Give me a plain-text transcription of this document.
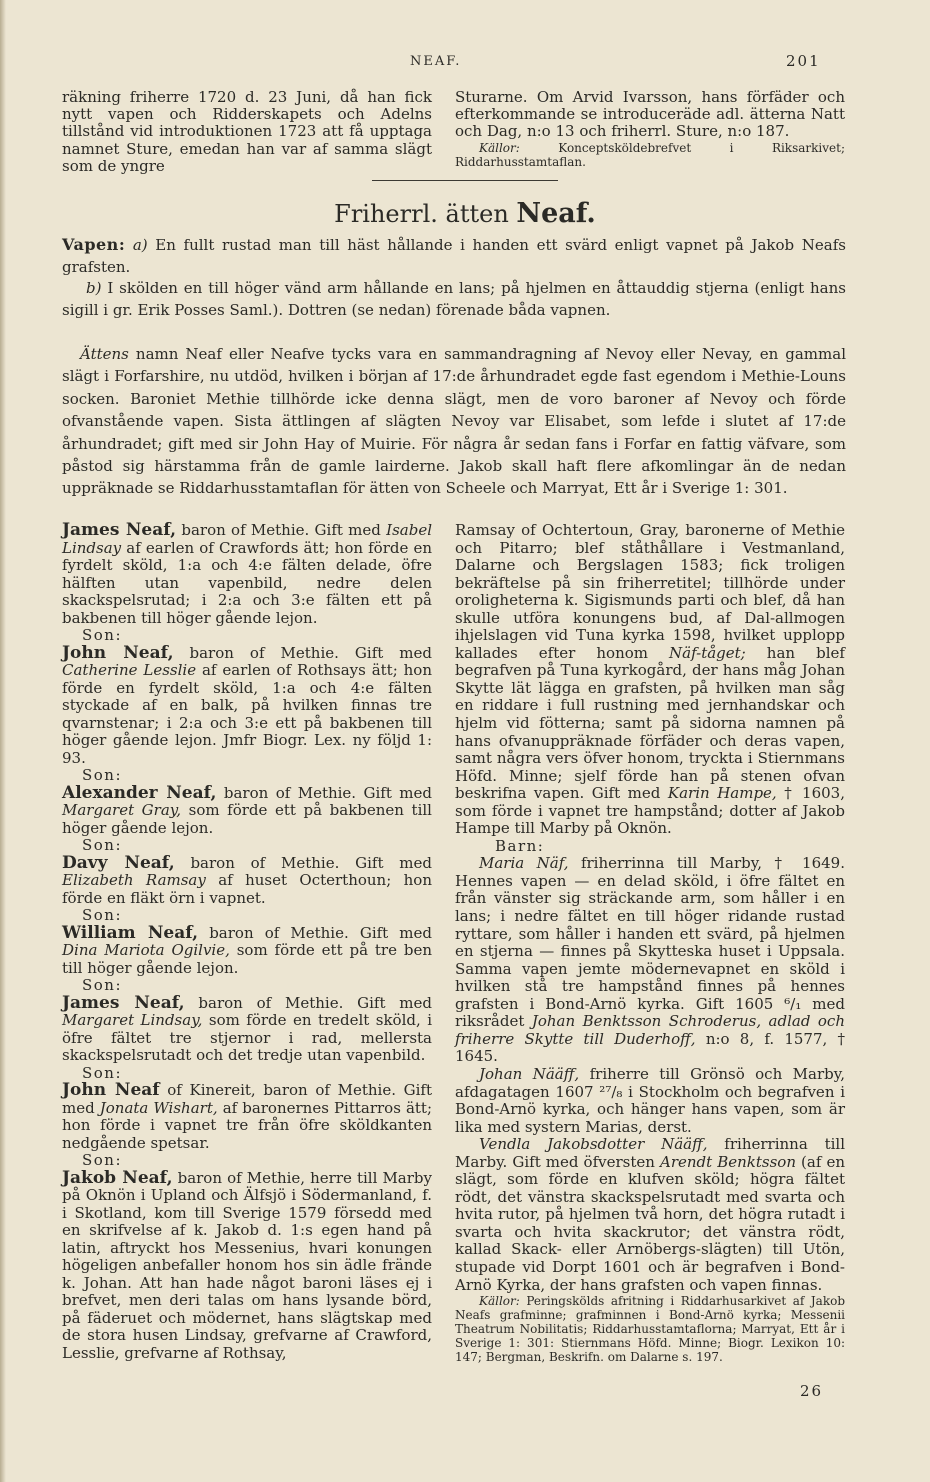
NEAF.	201

räkning friherre 1720 d. 23 Juni, då han fick nytt vapen och Ridderskapets och Adelns tillstånd vid introduktionen 1723 att få upptaga namnet Sture, emedan han var af samma slägt som de yngre

Sturarne. Om Arvid Ivarsson, hans förfäder och efterkommande se introduceräde adl. ätterna Natt och Dag, n:o 13 och friherrl. Sture, n:o 187.

Källor:	Konceptsköldebrefvet i Riksarkivet; Riddarhusstamtaflan.

Friherrl. ätten Neaf.

Vapen: a) En fullt rustad man till häst hållande i handen ett svärd enligt vapnet på Jakob Neafs grafsten.

b) I skölden en till höger vänd arm hållande en lans; på hjelmen en åttauddig stjerna (enligt hans sigill i gr. Erik Posses Saml.). Dottren (se nedan) förenade båda vapnen.

Ättens namn Neaf eller Neafve tycks vara en sammandragning af Nevoy eller Nevay, en gammal slägt i Forfarshire, nu utdöd, hvilken i början af 17:de århundradet egde fast egendom i Methie-Louns socken. Baroniet Methie tillhörde icke denna slägt, men de voro baroner af Nevoy och förde ofvanstående vapen. Sista ättlingen af slägten Nevoy var Elisabet, som lefde i slutet af 17:de århundradet; gift med sir John Hay of Muirie. För några år sedan fans i Forfar en fattig väfvare, som påstod sig härstamma från de gamle lairderne. Jakob skall haft flere afkomlingar än de nedan uppräknade se Riddarhusstamtaflan för ätten von Scheele och Marryat, Ett år i Sverige 1: 301.

James Neaf, baron of Methie. Gift med Isabel Lindsay af earlen of Crawfords ätt; hon förde en fyrdelt sköld, 1:a och 4:e fälten delade, öfre hälften utan vapenbild, nedre delen skackspelsrutad; i 2:a och 3:e fälten ett på bakbenen till höger gående lejon.

Son:

John Neaf, baron of Methie. Gift med Catherine Lesslie af earlen of Rothsays ätt; hon förde en fyrdelt sköld, 1:a och 4:e fälten styckade af en balk, på hvilken finnas tre qvarnstenar; i 2:a och 3:e ett på bakbenen till höger gående lejon. Jmfr Biogr. Lex. ny följd 1: 93.

Son:

Alexander Neaf, baron of Methie. Gift med Margaret Gray, som förde ett på bakbenen till höger gående lejon.

Son:

Davy Neaf, baron of Methie. Gift med Elizabeth Ramsay af huset Octerthoun; hon förde en fläkt örn i vapnet.

Son:

William Neaf, baron of Methie. Gift med Dina Mariota Ogilvie, som förde ett på tre ben till höger gående lejon.

Son:

James Neaf, baron of Methie. Gift med Margaret Lindsay, som förde en tredelt sköld, i öfre fältet tre stjernor i rad, mellersta skackspelsrutadt och det tredje utan vapenbild.

Son:

John Neaf of Kinereit, baron of Methie. Gift med Jonata Wishart, af baronernes Pittarros ätt; hon förde i vapnet tre från öfre sköldkanten nedgående spetsar.

Son:

Jakob Neaf, baron of Methie, herre till Marby på Oknön i Upland och Älfsjö i Södermanland, f. i Skotland, kom till Sverige 1579 försedd med en skrifvelse af k. Jakob d. 1:s egen hand på latin, aftryckt hos Messenius, hvari konungen högeligen anbefaller honom hos sin ädle frände k. Johan. Att han hade något baroni läses ej i brefvet, men deri talas om hans lysande börd, på fäderuet och mödernet, hans slägtskap med de stora husen Lindsay, grefvarne af Crawford, Lesslie, grefvarne af Rothsay,

Ramsay of Ochtertoun, Gray, baronerne of Methie och Pitarro; blef ståthållare i Vestmanland, Dalarne och Bergslagen 1583; fick troligen bekräftelse på sin friherretitel; tillhörde under oroligheterna k. Sigismunds parti och blef, då han skulle utföra konungens bud, af Dal-allmogen ihjelslagen vid Tuna kyrka 1598, hvilket upplopp kallades efter honom Näf-tåget; han blef begrafven på Tuna kyrkogård, der hans måg Johan Skytte lät lägga en grafsten, på hvilken man såg en riddare i full rustning med jernhandskar och hjelm vid fötterna; samt på sidorna namnen på hans ofvanuppräknade förfäder och deras vapen, samt några vers öfver honom, tryckta i Stiernmans Höfd. Minne; sjelf förde han på stenen ofvan beskrifna vapen. Gift med Karin Hampe, † 1603, som förde i vapnet tre hampstånd; dotter af Jakob Hampe till Marby på Oknön.

Barn:

Maria Näf, friherrinna till Marby, † 1649. Hennes vapen — en delad sköld, i öfre fältet en från vänster sig sträckande arm, som håller i en lans; i nedre fältet en till höger ridande rustad ryttare, som håller i handen ett svärd, på hjelmen en stjerna — finnes på Skytteska huset i Uppsala. Samma vapen jemte mödernevapnet en sköld i hvilken stå tre hampstånd finnes på hennes grafsten i Bond-Arnö kyrka. Gift 1605 ⁶/₁ med riksrådet Johan Benktsson Schroderus, adlad och friherre Skytte till Duderhoff, n:o 8, f. 1577, † 1645.

Johan Nääff, friherre till Grönsö och Marby, afdagatagen 1607 ²⁷/₈ i Stockholm och begrafven i Bond-Arnö kyrka, och hänger hans vapen, som är lika med systern Marias, derst.

Vendla Jakobsdotter Nääff, friherrinna till Marby. Gift med öfversten Arendt Benktsson (af en slägt, som förde en klufven sköld; högra fältet rödt, det vänstra skackspelsrutadt med svarta och hvita rutor, på hjelmen två horn, det högra rutadt i svarta och hvita skackrutor; det vänstra rödt, kallad Skack- eller Arnöbergs-slägten) till Utön, stupade vid Dorpt 1601 och är begrafven i Bond-Arnö Kyrka, der hans grafsten och vapen finnas.

Källor: Peringskölds afritning i Riddarhusarkivet af Jakob Neafs grafminne; grafminnen i Bond-Arnö kyrka; Messenii Theatrum Nobilitatis; Riddarhusstamtaflorna; Marryat, Ett år i Sverige 1: 301: Stiernmans Höfd. Minne; Biogr. Lexikon 10: 147; Bergman, Beskrifn. om Dalarne s. 197.

26
